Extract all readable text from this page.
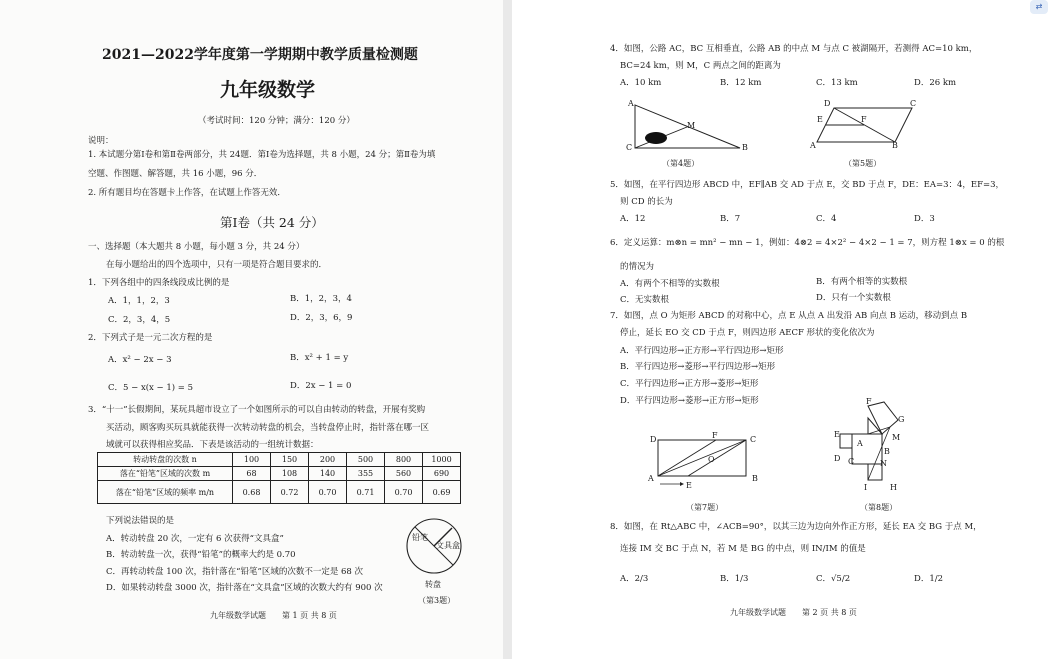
2021—2022学年度第一学期期中教学质量检测题
九年级数学
（考试时间：120 分钟；满分：120 分）
说明：
1. 本试题分第Ⅰ卷和第Ⅱ卷两部分，共 24题．第Ⅰ卷为选择题，共 8 小题，24 分；第Ⅱ卷为填
空题、作图题、解答题，共 16 小题，96 分．
2. 所有题目均在答题卡上作答，在试题上作答无效．
第Ⅰ卷（共 24 分）
一、选择题（本大题共 8 小题，每小题 3 分，共 24 分）
在每小题给出的四个选项中，只有一项是符合题目要求的．
1．下列各组中的四条线段成比例的是
A．1，1，2，3	B．1，2，3，4
C．2，3，4，5	D．2，3，6，9
2．下列式子是一元二次方程的是
A．x² − 2x − 3	B．x² + 1 = y
C．5 − x(x − 1) = 5	D．2x − 1 = 0
3．“十一”长假期间，某玩具超市设立了一个如图所示的可以自由转动的转盘，开展有奖购
买活动，顾客购买玩具就能获得一次转动转盘的机会，当转盘停止时，指针落在哪一区
域就可以获得相应奖品．下表是该活动的一组统计数据：
转动转盘的次数 n	100	150	200	500	800	1000
落在“铅笔”区域的次数 m	68	108	140	355	560	690
落在“铅笔”区域的频率 m/n	0.68	0.72	0.70	0.71	0.70	0.69
下列说法错误的是
A．转动转盘 20 次，一定有 6 次获得“文具盒”
B．转动转盘一次，获得“铅笔”的概率大约是 0.70
C．再转动转盘 100 次，指针落在“铅笔”区域的次数不一定是 68 次
D．如果转动转盘 3000 次，指针落在“文具盒”区域的次数大约有 900 次
铅笔
文具盒
转盘
（第3题）
九年级数学试题　　第 1 页 共 8 页
4．如图，公路 AC，BC 互相垂直，公路 AB 的中点 M 与点 C 被湖隔开，若测得 AC=10 km，
BC=24 km，则 M，C 两点之间的距离为
A．10 km	B．12 km	C．13 km	D．26 km
A
C	B
M
（第4题）
D	C
E	F
A	B
（第5题）
5．如图，在平行四边形 ABCD 中，EF∥AB 交 AD 于点 E，交 BD 于点 F，DE：EA=3：4，EF=3，
则 CD 的长为
A．12	B．7	C．4	D．3
6．定义运算：m⊗n = mn² − mn − 1，例如：4⊗2 = 4×2² − 4×2 − 1 = 7，则方程 1⊗x = 0 的根
的情况为
A．有两个不相等的实数根	B．有两个相等的实数根
C．无实数根	D．只有一个实数根
7．如图，点 O 为矩形 ABCD 的对称中心，点 E 从点 A 出发沿 AB 向点 B 运动，移动到点 B
停止，延长 EO 交 CD 于点 F，则四边形 AECF 形状的变化依次为
A．平行四边形→正方形→平行四边形→矩形
B．平行四边形→菱形→平行四边形→矩形
C．平行四边形→正方形→菱形→矩形
D．平行四边形→菱形→正方形→矩形
D	F	C
O
A	B
E
（第7题）
F
G
E	M
A
D C	N
B
I	H
（第8题）
8．如图，在 Rt△ABC 中，∠ACB=90°，以其三边为边向外作正方形，延长 EA 交 BG 于点 M，
连接 IM 交 BC 于点 N，若 M 是 BG 的中点，则 IN/IM 的值是
A．2/3	B．1/3	C．√5/2	D．1/2
九年级数学试题　　第 2 页 共 8 页
⇄
